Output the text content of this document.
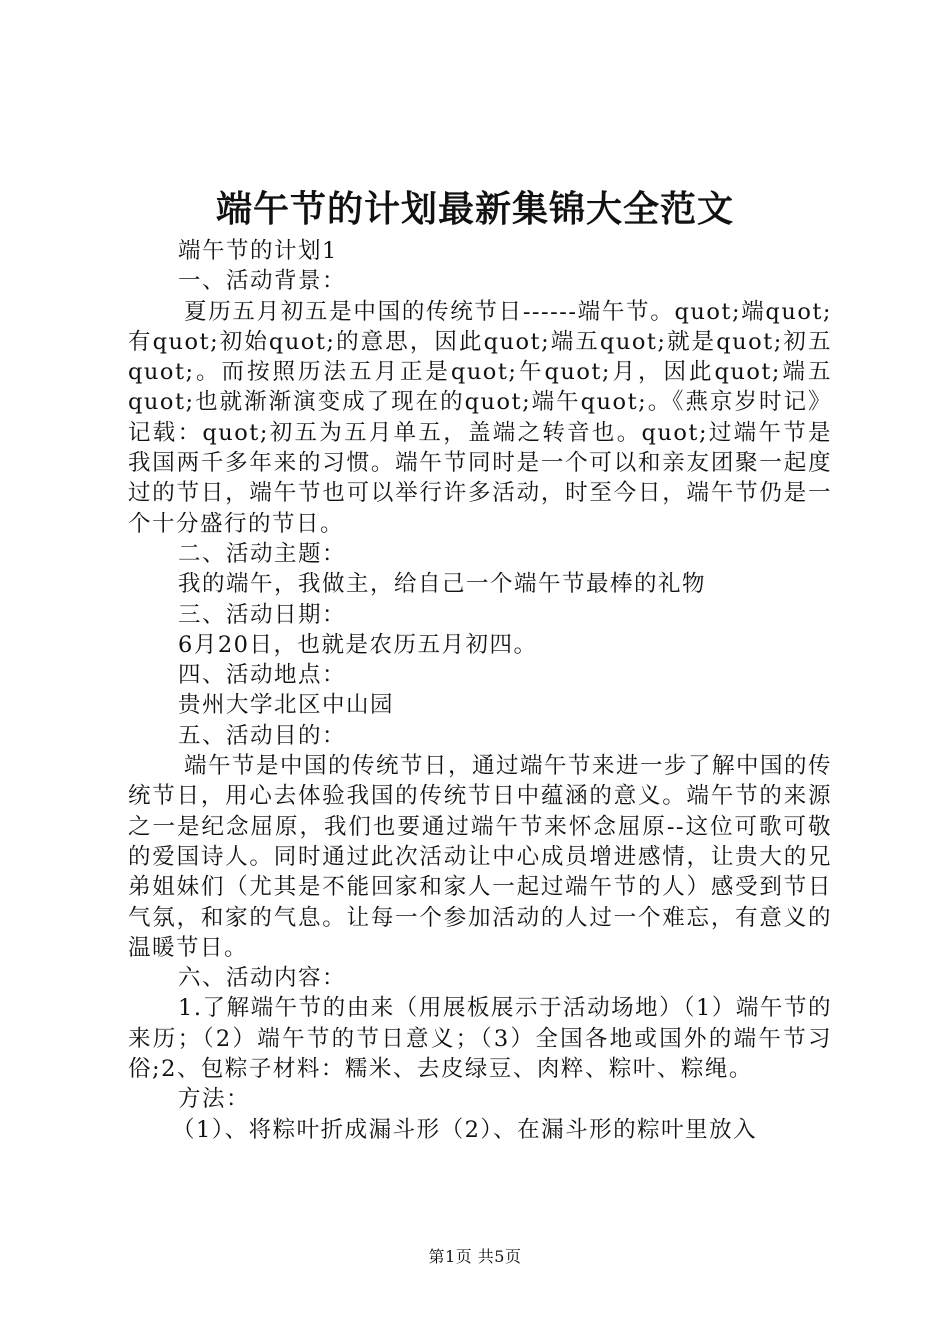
端午节的计划最新集锦大全范文

端午节的计划1

一、活动背景：

夏历五月初五是中国的传统节日------端午节。quot;端quot;有quot;初始quot;的意思，因此quot;端五quot;就是quot;初五quot;。而按照历法五月正是quot;午quot;月，因此quot;端五quot;也就渐渐演变成了现在的quot;端午quot;。《燕京岁时记》记载：quot;初五为五月单五，盖端之转音也。quot;过端午节是我国两千多年来的习惯。端午节同时是一个可以和亲友团聚一起度过的节日，端午节也可以举行许多活动，时至今日，端午节仍是一个十分盛行的节日。

二、活动主题：

我的端午，我做主，给自己一个端午节最棒的礼物

三、活动日期：

6月20日，也就是农历五月初四。

四、活动地点：

贵州大学北区中山园

五、活动目的：

端午节是中国的传统节日，通过端午节来进一步了解中国的传统节日，用心去体验我国的传统节日中蕴涵的意义。端午节的来源之一是纪念屈原，我们也要通过端午节来怀念屈原--这位可歌可敬的爱国诗人。同时通过此次活动让中心成员增进感情，让贵大的兄弟姐妹们（尤其是不能回家和家人一起过端午节的人）感受到节日气氛，和家的气息。让每一个参加活动的人过一个难忘，有意义的温暖节日。

六、活动内容：

1.了解端午节的由来（用展板展示于活动场地）（1）端午节的来历；（2）端午节的节日意义；（3）全国各地或国外的端午节习俗;2、包粽子材料：糯米、去皮绿豆、肉粹、粽叶、粽绳。

方法：

（1）、将粽叶折成漏斗形（2）、在漏斗形的粽叶里放入

第1页 共5页
